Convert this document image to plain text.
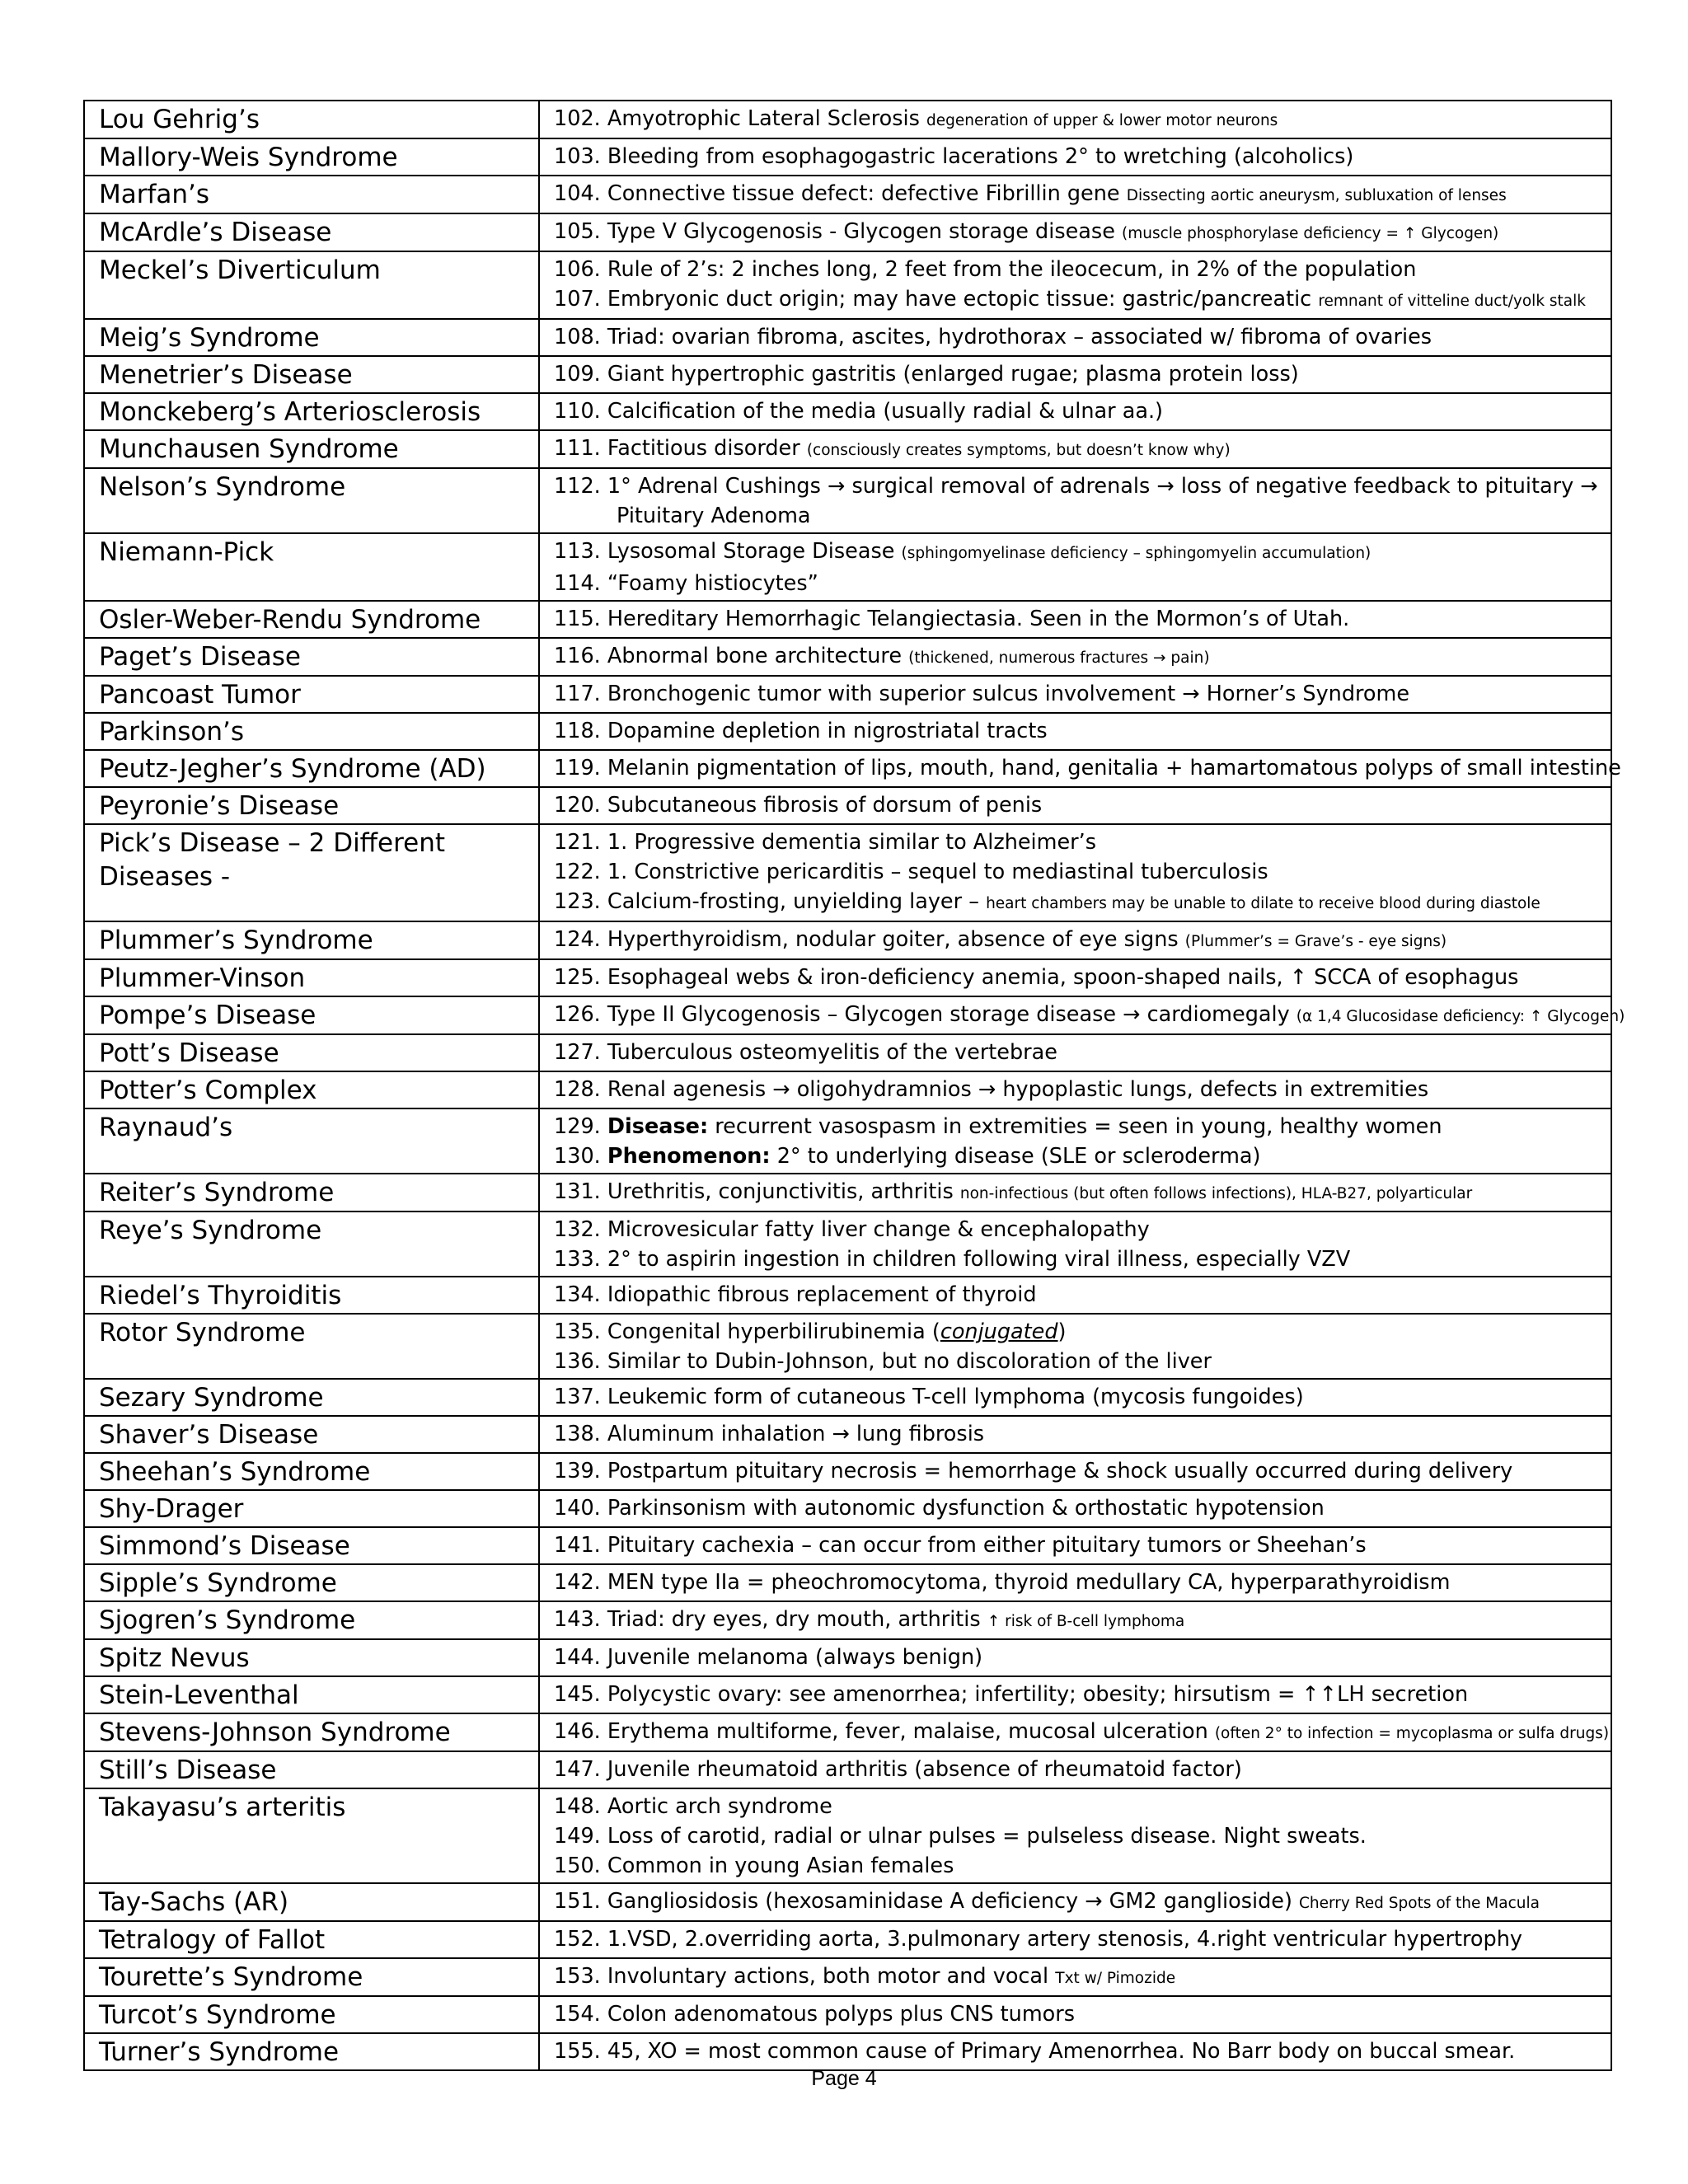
Lou Gehrig’s	102. Amyotrophic Lateral Sclerosis degeneration of upper & lower motor neurons

Mallory-Weis Syndrome	103. Bleeding from esophagogastric lacerations 2° to wretching (alcoholics)

Marfan’s	104. Connective tissue defect: defective Fibrillin gene Dissecting aortic aneurysm, subluxation of lenses

McArdle’s Disease	105. Type V Glycogenosis - Glycogen storage disease (muscle phosphorylase deficiency = ↑ Glycogen)

Meckel’s Diverticulum	106. Rule of 2’s: 2 inches long, 2 feet from the ileocecum, in 2% of the population
107. Embryonic duct origin; may have ectopic tissue: gastric/pancreatic remnant of vitteline duct/yolk stalk

Meig’s Syndrome	108. Triad: ovarian fibroma, ascites, hydrothorax – associated w/ fibroma of ovaries

Menetrier’s Disease	109. Giant hypertrophic gastritis (enlarged rugae; plasma protein loss)

Monckeberg’s Arteriosclerosis	110. Calcification of the media (usually radial & ulnar aa.)

Munchausen Syndrome	111. Factitious disorder (consciously creates symptoms, but doesn’t know why)

Nelson’s Syndrome	112. 1° Adrenal Cushings → surgical removal of adrenals → loss of negative feedback to pituitary →
Pituitary Adenoma

Niemann-Pick	113. Lysosomal Storage Disease (sphingomyelinase deficiency – sphingomyelin accumulation)
114. “Foamy histiocytes”

Osler-Weber-Rendu Syndrome	115. Hereditary Hemorrhagic Telangiectasia. Seen in the Mormon’s of Utah.

Paget’s Disease	116. Abnormal bone architecture (thickened, numerous fractures → pain)

Pancoast Tumor	117. Bronchogenic tumor with superior sulcus involvement → Horner’s Syndrome

Parkinson’s	118. Dopamine depletion in nigrostriatal tracts

Peutz-Jegher’s Syndrome (AD)	119. Melanin pigmentation of lips, mouth, hand, genitalia + hamartomatous polyps of small intestine

Peyronie’s Disease	120. Subcutaneous fibrosis of dorsum of penis

Pick’s Disease – 2 Different Diseases -	121. 1. Progressive dementia similar to Alzheimer’s
122. 1. Constrictive pericarditis – sequel to mediastinal tuberculosis
123. Calcium-frosting, unyielding layer – heart chambers may be unable to dilate to receive blood during diastole

Plummer’s Syndrome	124. Hyperthyroidism, nodular goiter, absence of eye signs (Plummer’s = Grave’s - eye signs)

Plummer-Vinson	125. Esophageal webs & iron-deficiency anemia, spoon-shaped nails, ↑ SCCA of esophagus

Pompe’s Disease	126. Type II Glycogenosis – Glycogen storage disease → cardiomegaly (α 1,4 Glucosidase deficiency: ↑ Glycogen)

Pott’s Disease	127. Tuberculous osteomyelitis of the vertebrae

Potter’s Complex	128. Renal agenesis → oligohydramnios → hypoplastic lungs, defects in extremities

Raynaud’s	129. Disease: recurrent vasospasm in extremities = seen in young, healthy women
130. Phenomenon: 2° to underlying disease (SLE or scleroderma)

Reiter’s Syndrome	131. Urethritis, conjunctivitis, arthritis non-infectious (but often follows infections), HLA-B27, polyarticular

Reye’s Syndrome	132. Microvesicular fatty liver change & encephalopathy
133. 2° to aspirin ingestion in children following viral illness, especially VZV

Riedel’s Thyroiditis	134. Idiopathic fibrous replacement of thyroid

Rotor Syndrome	135. Congenital hyperbilirubinemia (conjugated)
136. Similar to Dubin-Johnson, but no discoloration of the liver

Sezary Syndrome	137. Leukemic form of cutaneous T-cell lymphoma (mycosis fungoides)

Shaver’s Disease	138. Aluminum inhalation → lung fibrosis

Sheehan’s Syndrome	139. Postpartum pituitary necrosis = hemorrhage & shock usually occurred during delivery

Shy-Drager	140. Parkinsonism with autonomic dysfunction & orthostatic hypotension

Simmond’s Disease	141. Pituitary cachexia – can occur from either pituitary tumors or Sheehan’s

Sipple’s Syndrome	142. MEN type IIa = pheochromocytoma, thyroid medullary CA, hyperparathyroidism

Sjogren’s Syndrome	143. Triad: dry eyes, dry mouth, arthritis ↑ risk of B-cell lymphoma

Spitz Nevus	144. Juvenile melanoma (always benign)

Stein-Leventhal	145. Polycystic ovary: see amenorrhea; infertility; obesity; hirsutism = ↑↑LH secretion

Stevens-Johnson Syndrome	146. Erythema multiforme, fever, malaise, mucosal ulceration (often 2° to infection = mycoplasma or sulfa drugs)

Still’s Disease	147. Juvenile rheumatoid arthritis (absence of rheumatoid factor)

Takayasu’s arteritis	148. Aortic arch syndrome
149. Loss of carotid, radial or ulnar pulses = pulseless disease. Night sweats.
150. Common in young Asian females

Tay-Sachs (AR)	151. Gangliosidosis (hexosaminidase A deficiency → GM2 ganglioside) Cherry Red Spots of the Macula

Tetralogy of Fallot	152. 1.VSD, 2.overriding aorta, 3.pulmonary artery stenosis, 4.right ventricular hypertrophy

Tourette’s Syndrome	153. Involuntary actions, both motor and vocal Txt w/ Pimozide

Turcot’s Syndrome	154. Colon adenomatous polyps plus CNS tumors

Turner’s Syndrome	155. 45, XO = most common cause of Primary Amenorrhea. No Barr body on buccal smear.
Page 4
